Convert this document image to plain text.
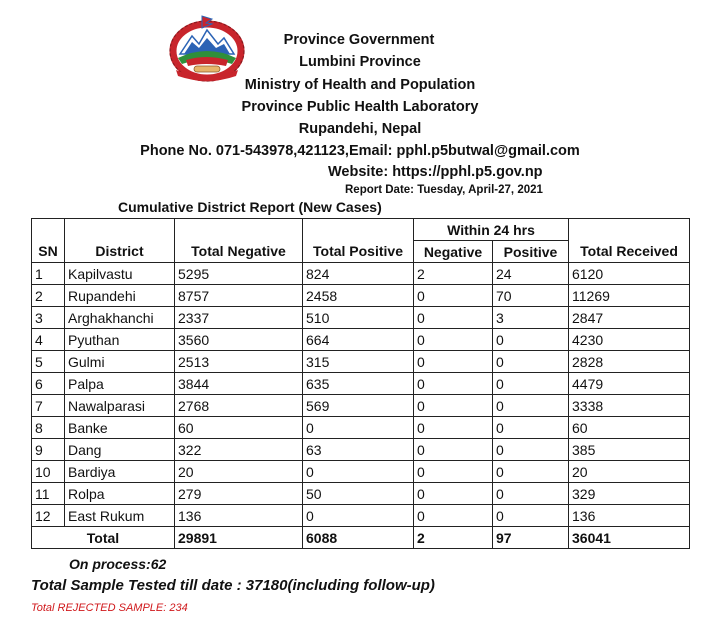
Province Government
Lumbini Province
Ministry of Health and Population
Province Public Health Laboratory
Rupandehi, Nepal
Phone No. 071-543978,421123,Email: pphl.p5butwal@gmail.com
Website: https://pphl.p5.gov.np
Report Date: Tuesday, April-27, 2021
Cumulative District Report (New Cases)
SN	District	Total Negative	Total Positive	Within 24 hrs		Total Received
				Negative	Positive	
1	Kapilvastu	5295	824	2	24	6120
2	Rupandehi	8757	2458	0	70	11269
3	Arghakhanchi	2337	510	0	3	2847
4	Pyuthan	3560	664	0	0	4230
5	Gulmi	2513	315	0	0	2828
6	Palpa	3844	635	0	0	4479
7	Nawalparasi	2768	569	0	0	3338
8	Banke	60	0	0	0	60
9	Dang	322	63	0	0	385
10	Bardiya	20	0	0	0	20
11	Rolpa	279	50	0	0	329
12	East Rukum	136	0	0	0	136
Total		29891	6088	2	97	36041
On process:62
Total Sample Tested till date : 37180(including follow-up)
Total REJECTED SAMPLE: 234
